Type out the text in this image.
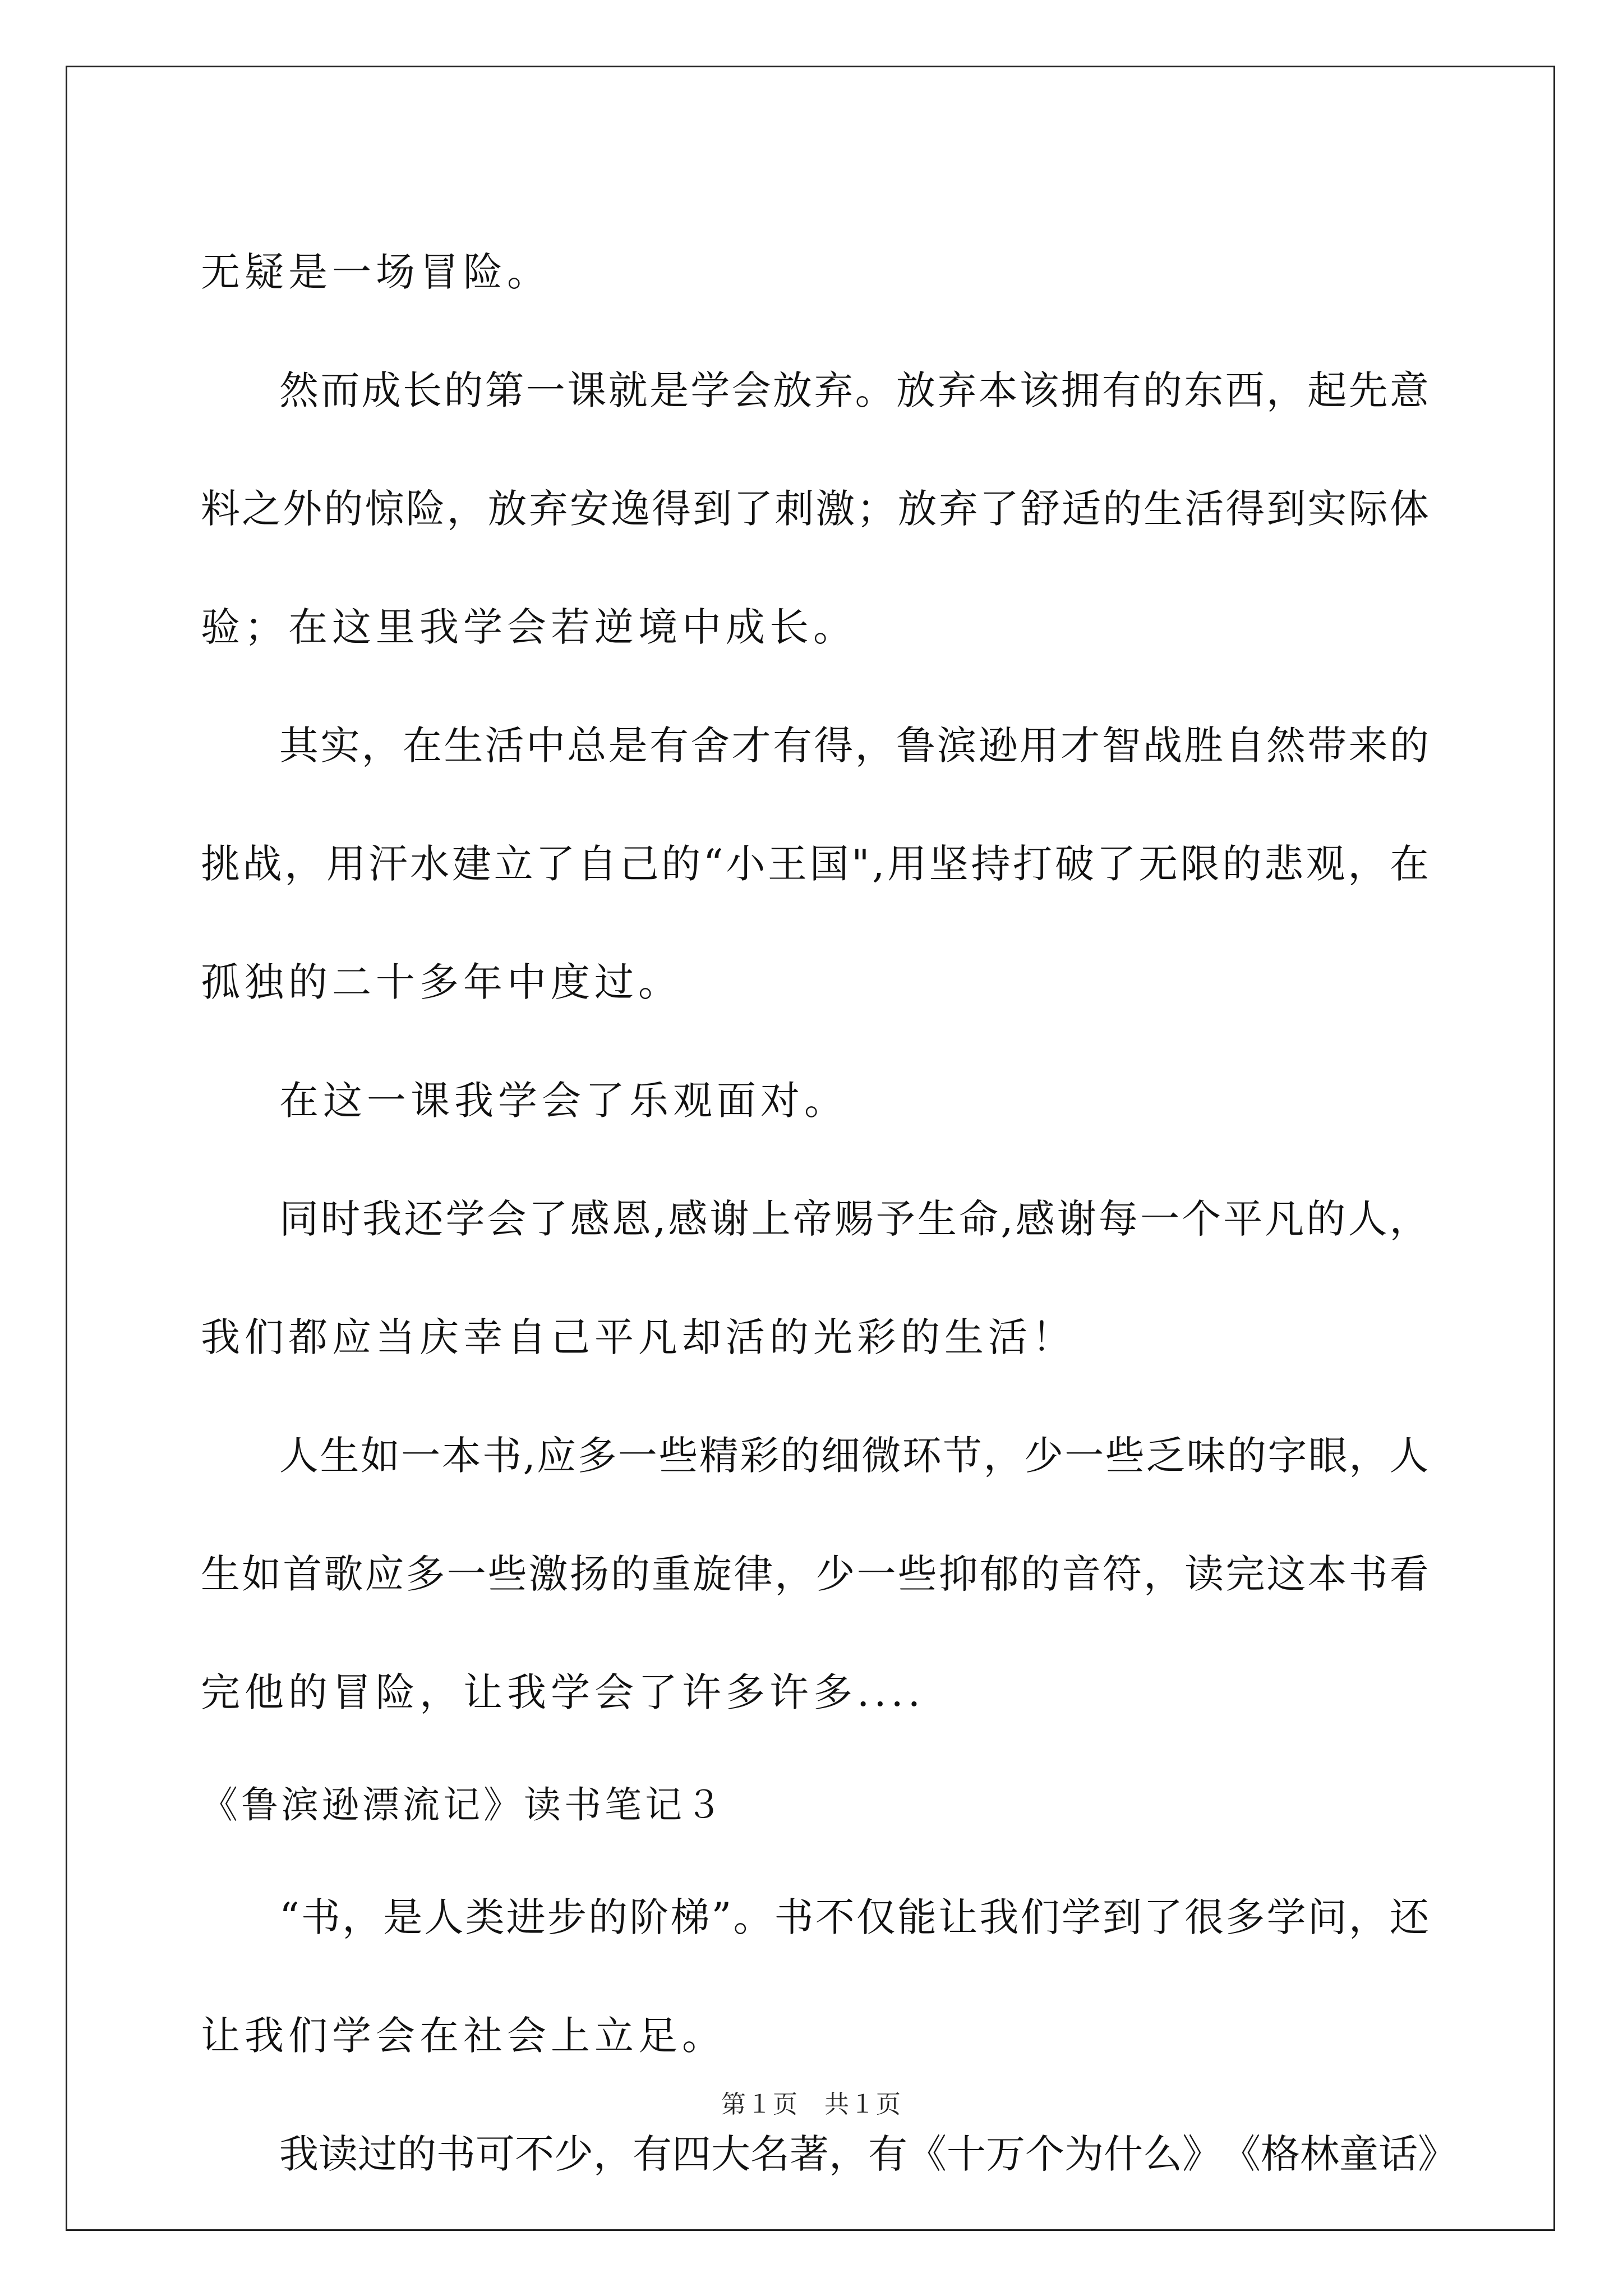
无疑是一场冒险。
然 而 成 长 的 第 一 课 就 是 学 会 放 弃 。 放 弃 本 该 拥 有 的 东 西 ， 起 先 意
料 之 外 的 惊 险 ， 放 弃 安 逸 得 到 了 刺 激 ； 放 弃 了 舒 适 的 生 活 得 到 实 际 体
验；在这里我学会若逆境中成长。
其 实 ， 在 生 活 中 总 是 有 舍 才 有 得 ， 鲁 滨 逊 用 才 智 战 胜 自 然 带 来 的
挑 战 ， 用 汗 水 建 立 了 自 己 的 “ 小 王 国 " , 用 坚 持 打 破 了 无 限 的 悲 观 ， 在
孤独的二十多年中度过。
在这一课我学会了乐观面对。
同 时 我 还 学 会 了 感 恩 , 感 谢 上 帝 赐 予 生 命 , 感 谢 每 一 个 平 凡 的 人 ，
我们都应当庆幸自己平凡却活的光彩的生活！
人 生 如 一 本 书 , 应 多 一 些 精 彩 的 细 微 环 节 ， 少 一 些 乏 味 的 字 眼 ， 人
生 如 首 歌 应 多 一 些 激 扬 的 重 旋 律 ， 少 一 些 抑 郁 的 音 符 ， 读 完 这 本 书 看
完他的冒险，让我学会了许多许多....
《鲁滨逊漂流记》读书笔记３
“ 书 ， 是 人 类 进 步 的 阶 梯 ” 。 书 不 仅 能 让 我 们 学 到 了 很 多 学 问 ， 还
让我们学会在社会上立足。
我 读 过 的 书 可 不 少 ， 有 四 大 名 著 ， 有 《 十 万 个 为 什 么 》 《 格 林 童 话 》
第１页　共１页
